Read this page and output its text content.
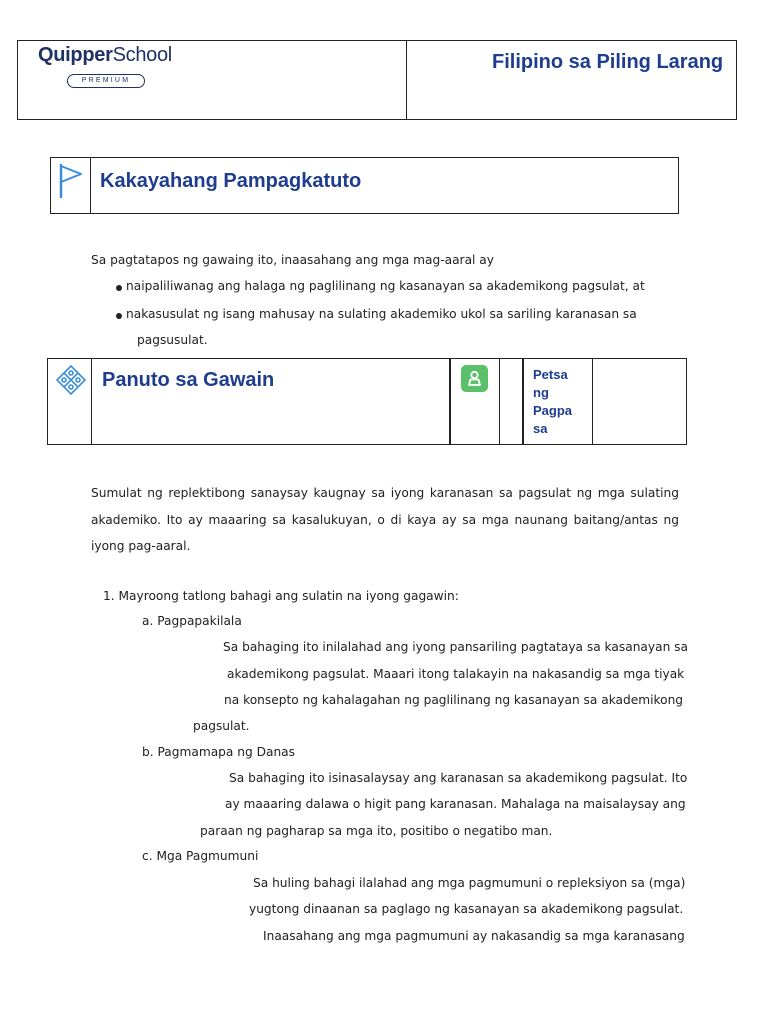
QuipperSchool
PREMIUM
Filipino sa Piling Larang
Kakayahang Pampagkatuto
Sa pagtatapos ng gawaing ito, inaasahang ang mga mag-aaral ay
naipaliliwanag ang halaga ng paglilinang ng kasanayan sa akademikong pagsulat, at
nakasusulat ng isang mahusay na sulating akademiko ukol sa sariling karanasan sa
pagsusulat.
Panuto sa Gawain	Petsa
ng
Pagpa
sa
Sumulat ng replektibong sanaysay kaugnay sa iyong karanasan sa pagsulat ng mga sulating akademiko. Ito ay maaaring sa kasalukuyan, o di kaya ay sa mga naunang baitang/antas ng iyong pag-aaral.
1. Mayroong tatlong bahagi ang sulatin na iyong gagawin:
a. Pagpapakilala
Sa bahaging ito inilalahad ang iyong pansariling pagtataya sa kasanayan sa
akademikong pagsulat. Maaari itong talakayin na nakasandig sa mga tiyak
na konsepto ng kahalagahan ng paglilinang ng kasanayan sa akademikong
pagsulat.
b. Pagmamapa ng Danas
Sa bahaging ito isinasalaysay ang karanasan sa akademikong pagsulat. Ito
ay maaaring dalawa o higit pang karanasan. Mahalaga na maisalaysay ang
paraan ng pagharap sa mga ito, positibo o negatibo man.
c. Mga Pagmumuni
Sa huling bahagi ilalahad ang mga pagmumuni o repleksiyon sa (mga)
yugtong dinaanan sa paglago ng kasanayan sa akademikong pagsulat.
Inaasahang ang mga pagmumuni ay nakasandig sa mga karanasang
